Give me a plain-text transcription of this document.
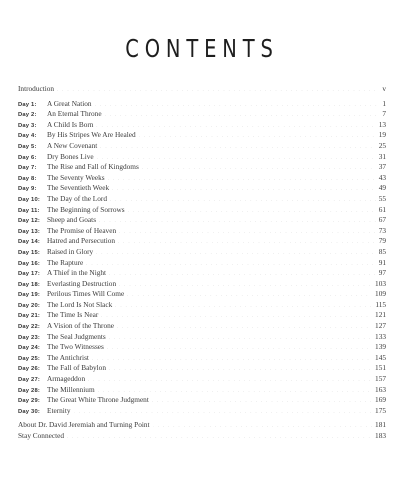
CONTENTS
Introduction . . .	v
Day 1:	A Great Nation . . .	1
Day 2:	An Eternal Throne . . .	7
Day 3:	A Child Is Born . . .	13
Day 4:	By His Stripes We Are Healed . . .	19
Day 5:	A New Covenant . . .	25
Day 6:	Dry Bones Live . . .	31
Day 7:	The Rise and Fall of Kingdoms . . .	37
Day 8:	The Seventy Weeks . . .	43
Day 9:	The Seventieth Week . . .	49
Day 10: The Day of the Lord . . .	55
Day 11: The Beginning of Sorrows . . .	61
Day 12: Sheep and Goats . . .	67
Day 13: The Promise of Heaven . . .	73
Day 14: Hatred and Persecution . . .	79
Day 15: Raised in Glory . . .	85
Day 16: The Rapture . . .	91
Day 17: A Thief in the Night . . .	97
Day 18: Everlasting Destruction . . .	103
Day 19: Perilous Times Will Come . . .	109
Day 20: The Lord Is Not Slack . . .	115
Day 21: The Time Is Near . . .	121
Day 22: A Vision of the Throne . . .	127
Day 23: The Seal Judgments . . .	133
Day 24: The Two Witnesses . . .	139
Day 25: The Antichrist . . .	145
Day 26: The Fall of Babylon . . .	151
Day 27: Armageddon . . .	157
Day 28: The Millennium . . .	163
Day 29: The Great White Throne Judgment . . .	169
Day 30: Eternity . . .	175
About Dr. David Jeremiah and Turning Point . . .	181
Stay Connected . . .	183
